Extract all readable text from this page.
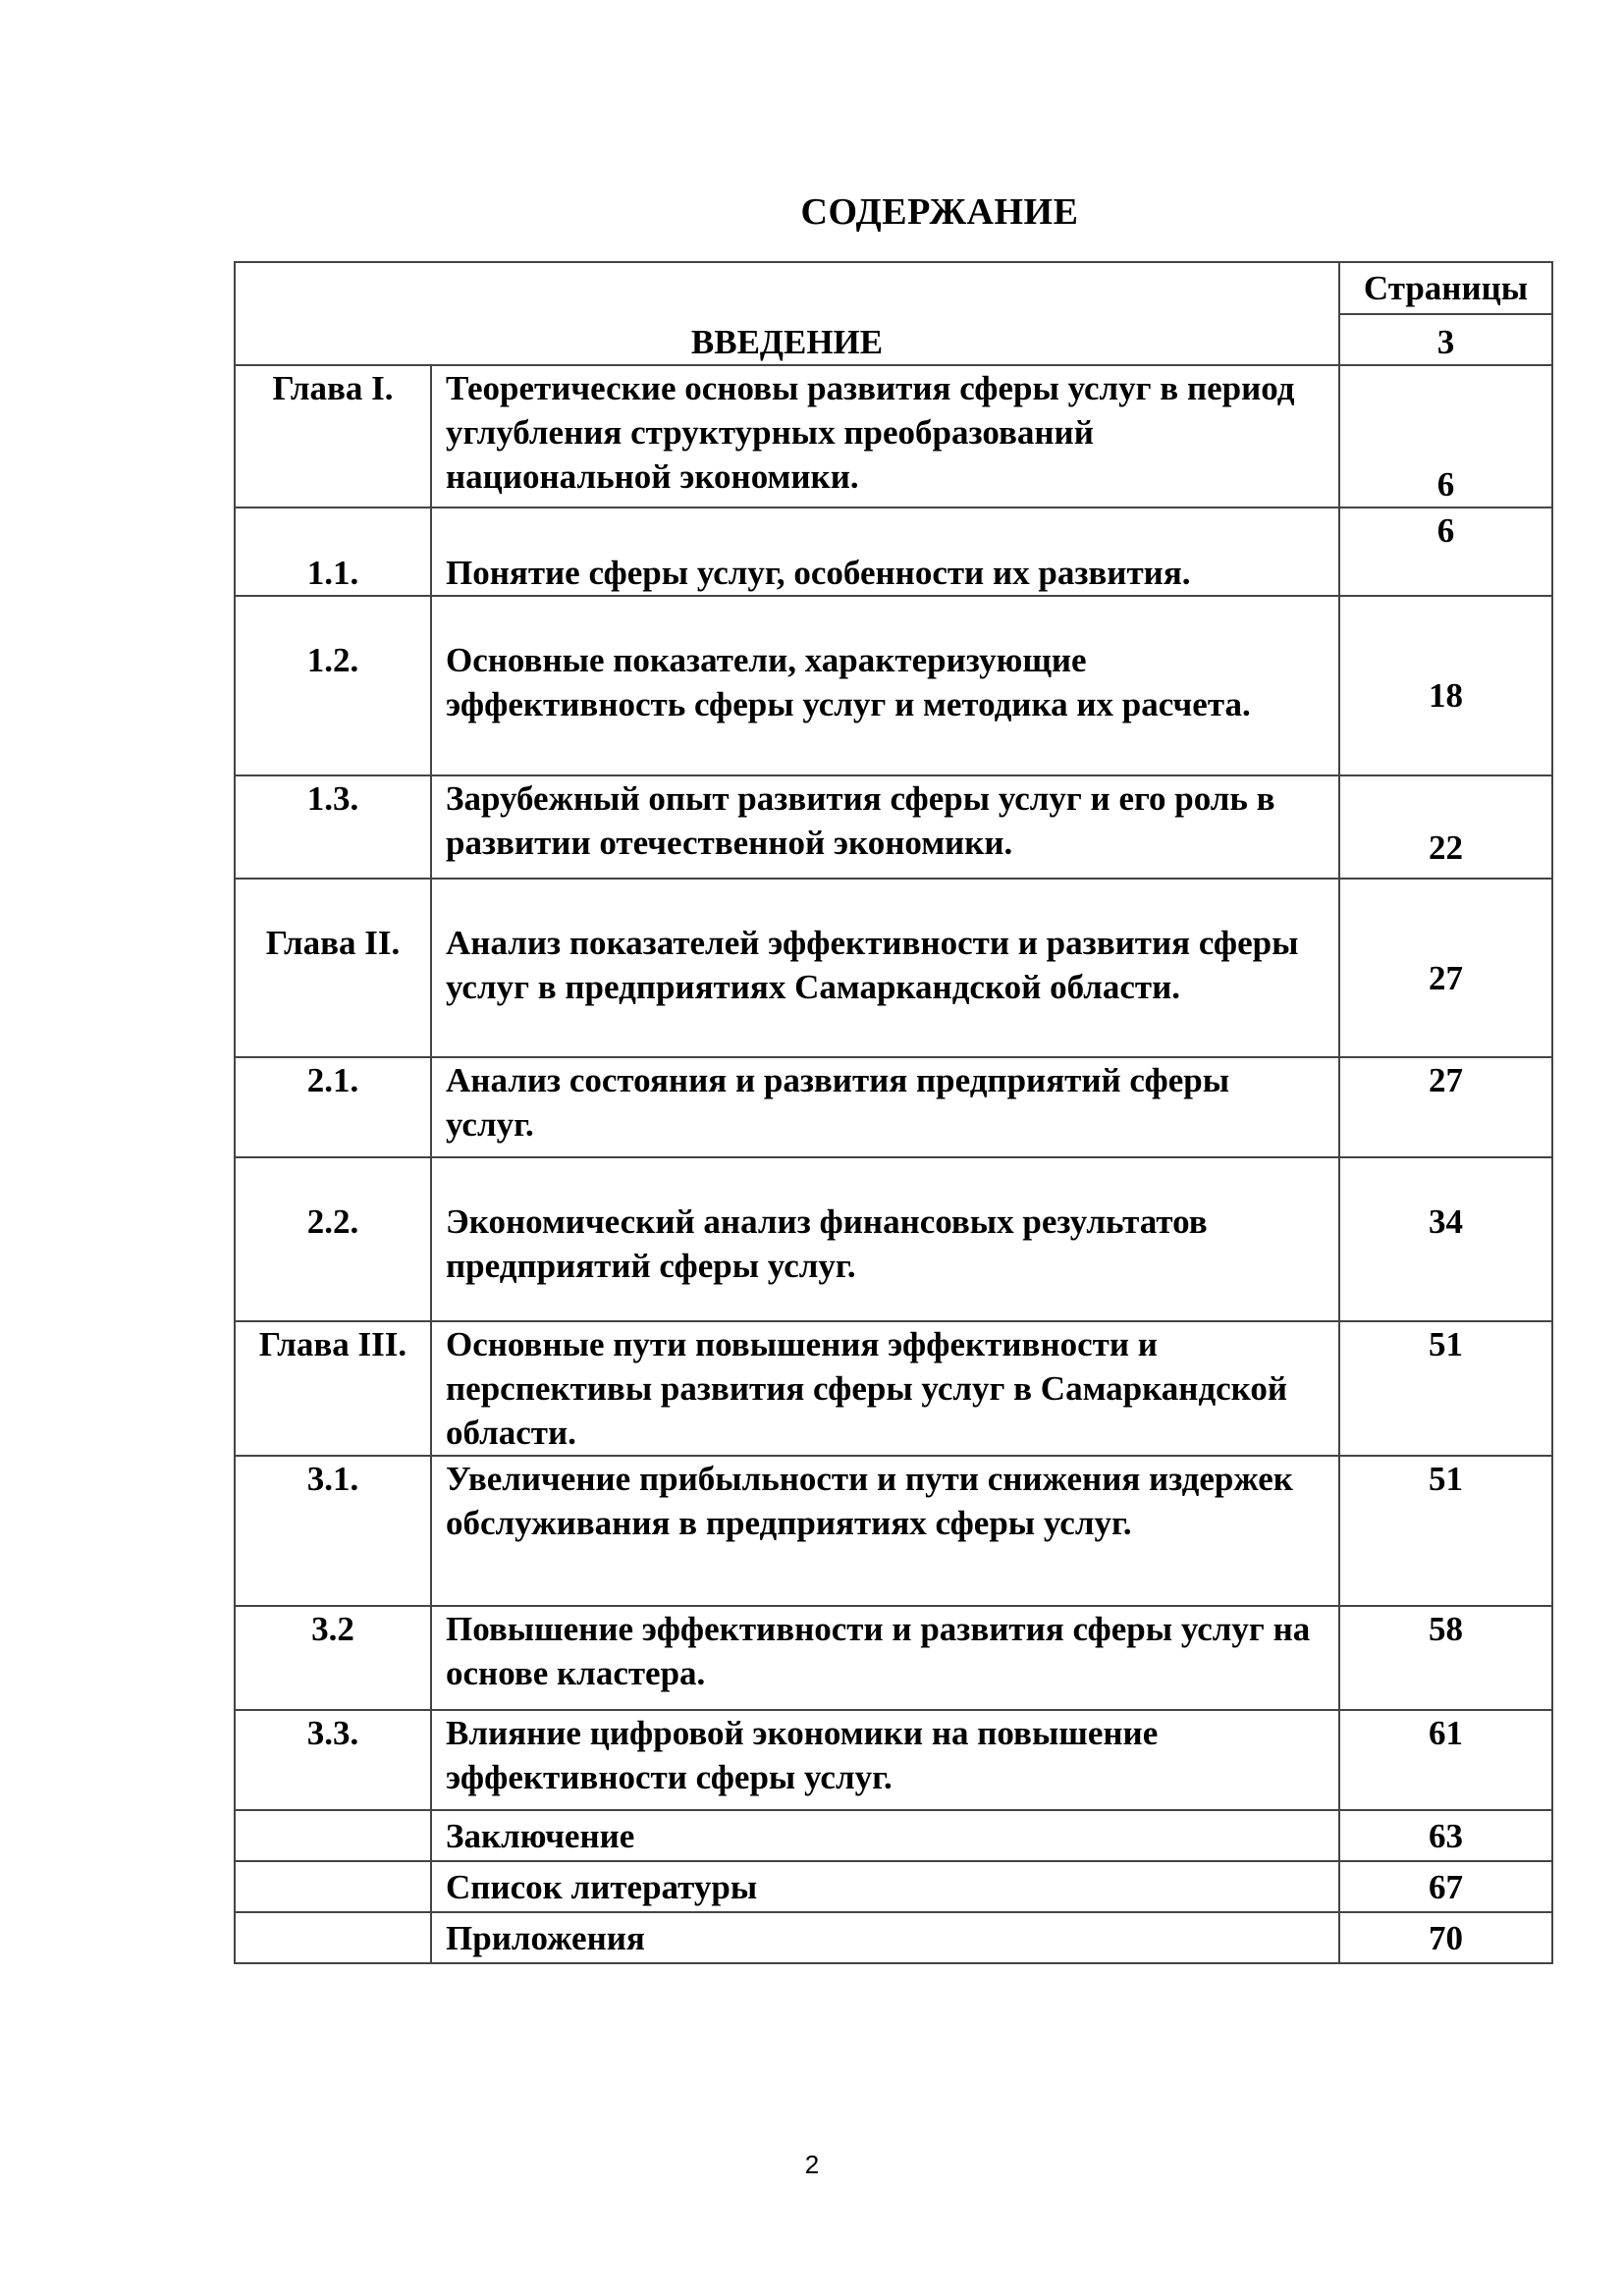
СОДЕРЖАНИЕ
ВВЕДЕНИЕ		Страницы
		3
Глава I.	Теоретические основы развития сферы услуг в период углубления структурных преобразований национальной экономики.	6
1.1.	Понятие сферы услуг, особенности их развития.	6
1.2.	Основные показатели, характеризующие эффективность сферы услуг и методика их расчета.	18
1.3.	Зарубежный опыт развития сферы услуг и его роль в развитии отечественной экономики.	22
Глава II.	Анализ показателей эффективности и развития сферы услуг в предприятиях Самаркандской области.	27
2.1.	Анализ состояния и развития предприятий сферы услуг.	27
2.2.	Экономический анализ финансовых результатов предприятий сферы услуг.	34
Глава III.	Основные пути повышения эффективности и перспективы развития сферы услуг в Самаркандской области.	51
3.1.	Увеличение прибыльности и пути снижения издержек обслуживания в предприятиях сферы услуг.	51
3.2	Повышение эффективности и развития сферы услуг на основе кластера.	58
3.3.	Влияние цифровой экономики на повышение эффективности сферы услуг.	61
	Заключение	63
	Список литературы	67
	Приложения	70
2
